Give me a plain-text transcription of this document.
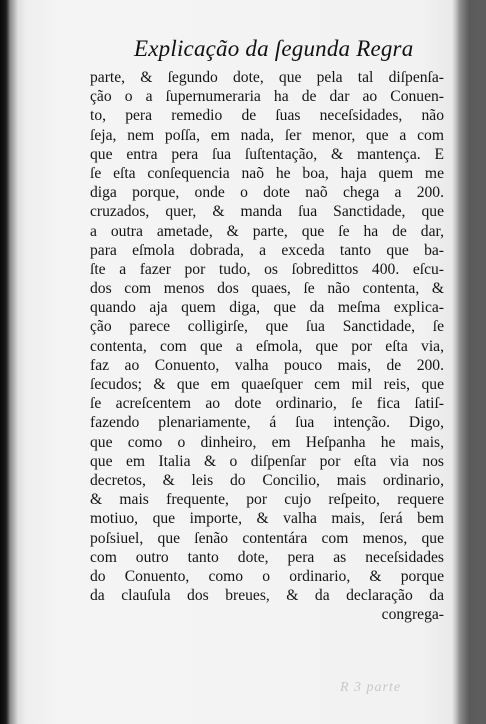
Explicação da ſegunda Regra
parte, & ſegundo dote, que pela tal diſpenſa-
ção o a ſupernumeraria ha de dar ao Conuen-
to, pera remedio de ſuas neceſsidades, não
ſeja, nem poſſa, em nada, ſer menor, que a com
que entra pera ſua ſuſtentação, & mantença. E
ſe eſta conſequencia naõ he boa, haja quem me
diga porque, onde o dote naõ chega a 200.
cruzados, quer, & manda ſua Sanctidade, que
a outra ametade, & parte, que ſe ha de dar,
para eſmola dobrada, a exceda tanto que ba-
ſte a fazer por tudo, os ſobredittos 400. eſcu-
dos com menos dos quaes, ſe não contenta, &
quando aja quem diga, que da meſma explica-
ção parece colligirſe, que ſua Sanctidade, ſe
contenta, com que a eſmola, que por eſta via,
faz ao Conuento, valha pouco mais, de 200.
ſecudos; & que em quaeſquer cem mil reis, que
ſe acreſcentem ao dote ordinario, ſe fica ſatiſ-
fazendo plenariamente, á ſua intenção. Digo,
que como o dinheiro, em Heſpanha he mais,
que em Italia & o diſpenſar por eſta via nos
decretos, & leis do Concilio, mais ordinario,
& mais frequente, por cujo reſpeito, requere
motiuo, que importe, & valha mais, ſerá bem
poſsiuel, que ſenão contentára com menos, que
com outro tanto dote, pera as neceſsidades
do Conuento, como o ordinario, & porque
da clauſula dos breues, & da declaração da
congrega-
R 3 parte
